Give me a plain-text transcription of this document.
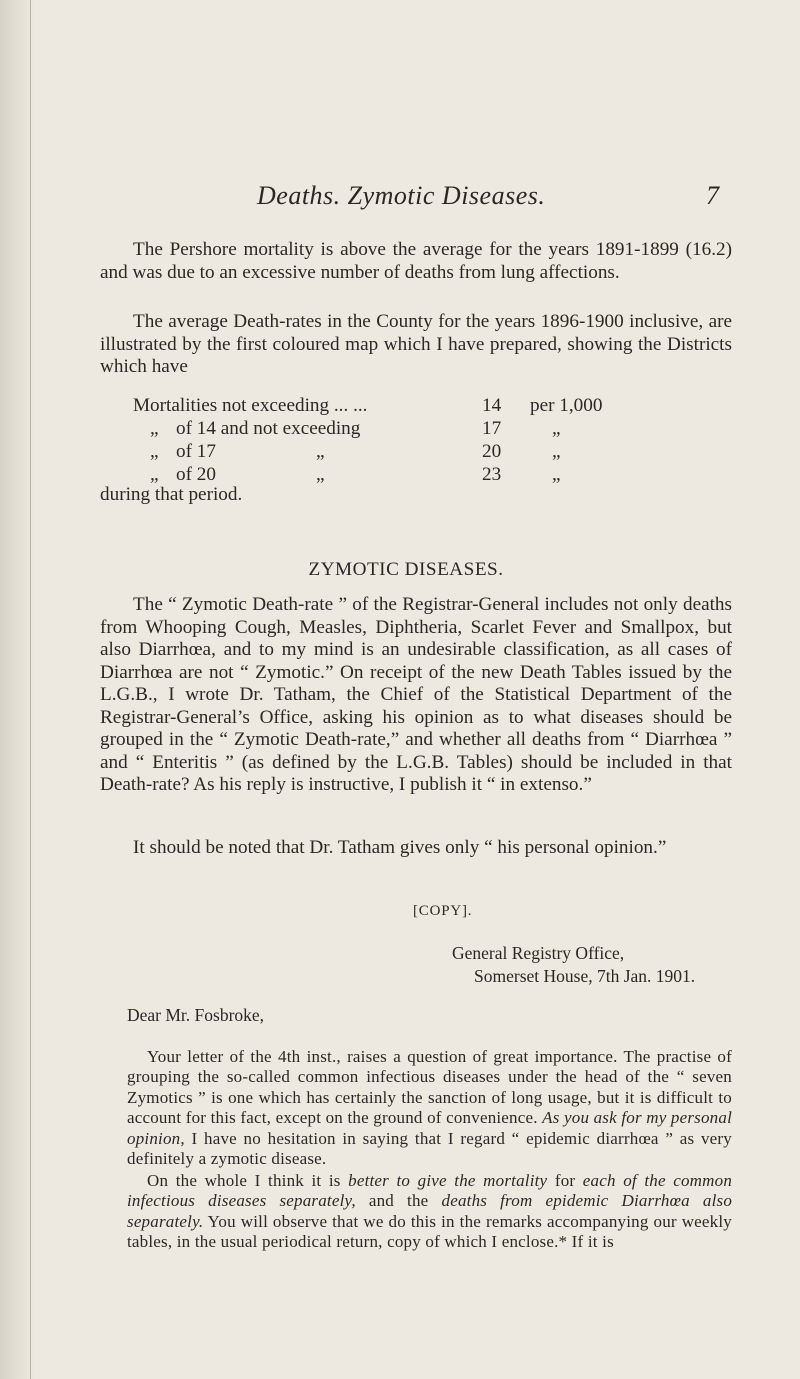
Deaths. Zymotic Diseases.	7

The Pershore mortality is above the average for the years 1891-1899 (16.2) and was due to an excessive number of deaths from lung affections.

The average Death-rates in the County for the years 1896-1900 inclusive, are illustrated by the first coloured map which I have prepared, showing the Districts which have

Mortalities not exceeding ... ...	14	per 1,000
„ of 14 and not exceeding	17	„
„ of 17	„	20	„
„ of 20	„	23	„
during that period.
ZYMOTIC DISEASES.

The “ Zymotic Death-rate ” of the Registrar-General includes not only deaths from Whooping Cough, Measles, Diphtheria, Scarlet Fever and Smallpox, but also Diarrhœa, and to my mind is an undesirable classification, as all cases of Diarrhœa are not “ Zymotic.” On receipt of the new Death Tables issued by the L.G.B., I wrote Dr. Tatham, the Chief of the Statistical Department of the Registrar-General’s Office, asking his opinion as to what diseases should be grouped in the “ Zymotic Death-rate,” and whether all deaths from “ Diarrhœa ” and “ Enteritis ” (as defined by the L.G.B. Tables) should be included in that Death-rate? As his reply is instructive, I publish it “ in extenso.”

It should be noted that Dr. Tatham gives only “ his personal opinion.”

[COPY].
General Registry Office,
Somerset House, 7th Jan. 1901.
Dear Mr. Fosbroke,

Your letter of the 4th inst., raises a question of great importance. The practise of grouping the so-called common infectious diseases under the head of the “ seven Zymotics ” is one which has certainly the sanction of long usage, but it is difficult to account for this fact, except on the ground of convenience. As you ask for my personal opinion, I have no hesitation in saying that I regard “ epidemic diarrhœa ” as very definitely a zymotic disease.

On the whole I think it is better to give the mortality for each of the common infectious diseases separately, and the deaths from epidemic Diarrhœa also separately. You will observe that we do this in the remarks accompanying our weekly tables, in the usual periodical return, copy of which I enclose.* If it is
